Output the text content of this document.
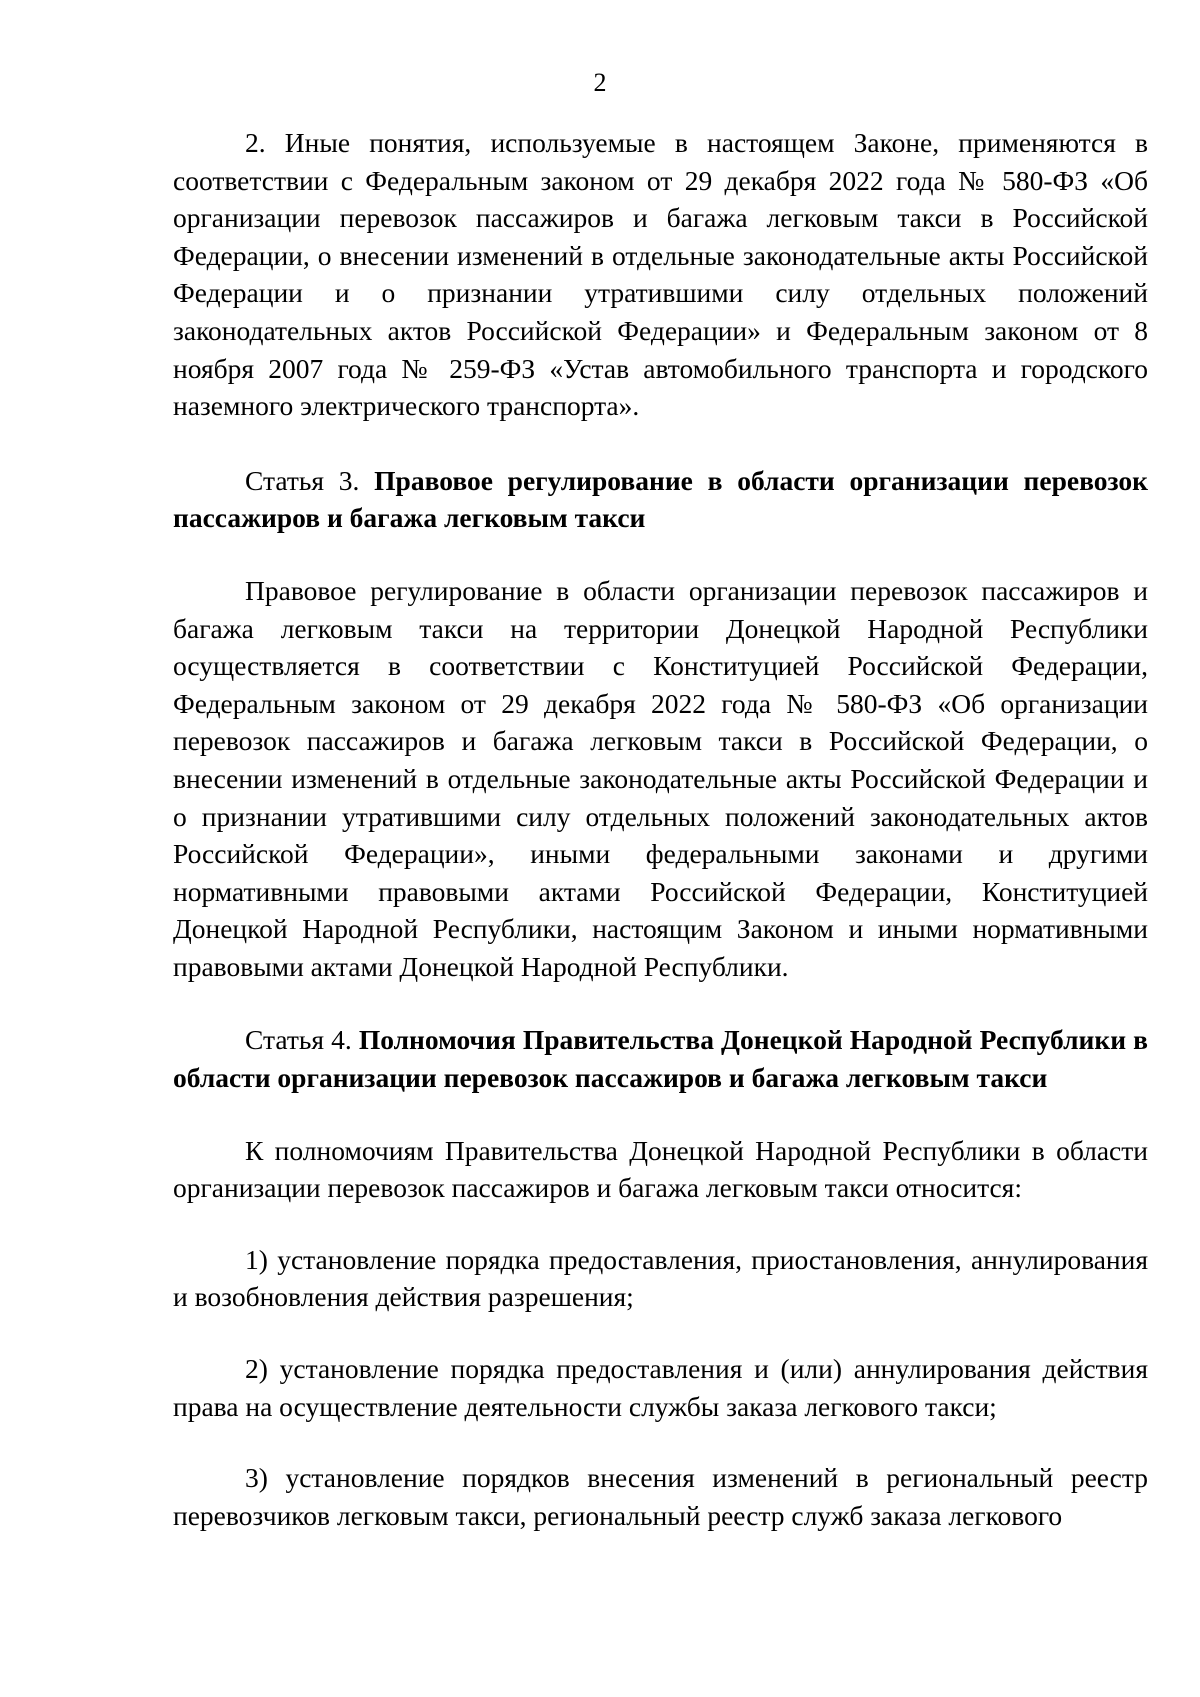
2

2. Иные понятия, используемые в настоящем Законе, применяются в соответствии с Федеральным законом от 29 декабря 2022 года № 580-ФЗ «Об организации перевозок пассажиров и багажа легковым такси в Российской Федерации, о внесении изменений в отдельные законодательные акты Российской Федерации и о признании утратившими силу отдельных положений законодательных актов Российской Федерации» и Федеральным законом от 8 ноября 2007 года № 259-ФЗ «Устав автомобильного транспорта и городского наземного электрического транспорта».

Статья 3. Правовое регулирование в области организации перевозок пассажиров и багажа легковым такси

Правовое регулирование в области организации перевозок пассажиров и багажа легковым такси на территории Донецкой Народной Республики осуществляется в соответствии с Конституцией Российской Федерации, Федеральным законом от 29 декабря 2022 года № 580-ФЗ «Об организации перевозок пассажиров и багажа легковым такси в Российской Федерации, о внесении изменений в отдельные законодательные акты Российской Федерации и о признании утратившими силу отдельных положений законодательных актов Российской Федерации», иными федеральными законами и другими нормативными правовыми актами Российской Федерации, Конституцией Донецкой Народной Республики, настоящим Законом и иными нормативными правовыми актами Донецкой Народной Республики.

Статья 4. Полномочия Правительства Донецкой Народной Республики в области организации перевозок пассажиров и багажа легковым такси

К полномочиям Правительства Донецкой Народной Республики в области организации перевозок пассажиров и багажа легковым такси относится:

1) установление порядка предоставления, приостановления, аннулирования и возобновления действия разрешения;

2) установление порядка предоставления и (или) аннулирования действия права на осуществление деятельности службы заказа легкового такси;

3) установление порядков внесения изменений в региональный реестр перевозчиков легковым такси, региональный реестр служб заказа легкового
